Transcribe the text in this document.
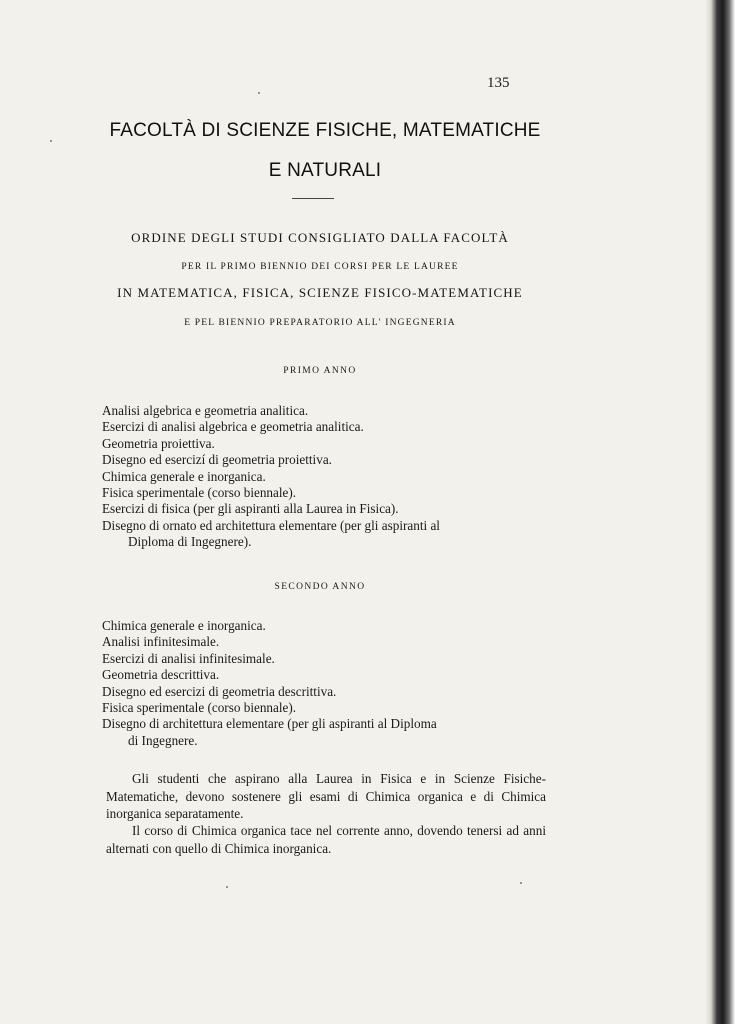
135
FACOLTÀ DI SCIENZE FISICHE, MATEMATICHE
E NATURALI
ORDINE DEGLI STUDI CONSIGLIATO DALLA FACOLTÀ
PER IL PRIMO BIENNIO DEI CORSI PER LE LAUREE
IN MATEMATICA, FISICA, SCIENZE FISICO-MATEMATICHE
E PEL BIENNIO PREPARATORIO ALL' INGEGNERIA
PRIMO ANNO
Analisi algebrica e geometria analitica.
Esercizi di analisi algebrica e geometria analitica.
Geometria proiettiva.
Disegno ed esercizí di geometria proiettiva.
Chimica generale e inorganica.
Fisica sperimentale (corso biennale).
Esercizi di fisica (per gli aspiranti alla Laurea in Fisica).
Disegno di ornato ed architettura elementare (per gli aspiranti al
Diploma di Ingegnere).
SECONDO ANNO
Chimica generale e inorganica.
Analisi infinitesimale.
Esercizi di analisi infinitesimale.
Geometria descrittiva.
Disegno ed esercizi di geometria descrittiva.
Fisica sperimentale (corso biennale).
Disegno di architettura elementare (per gli aspiranti al Diploma
di Ingegnere.

Gli studenti che aspirano alla Laurea in Fisica e in Scienze Fisiche-Matematiche, devono sostenere gli esami di Chimica organica e di Chimica inorganica separatamente.

Il corso di Chimica organica tace nel corrente anno, dovendo tenersi ad anni alternati con quello di Chimica inorganica.
